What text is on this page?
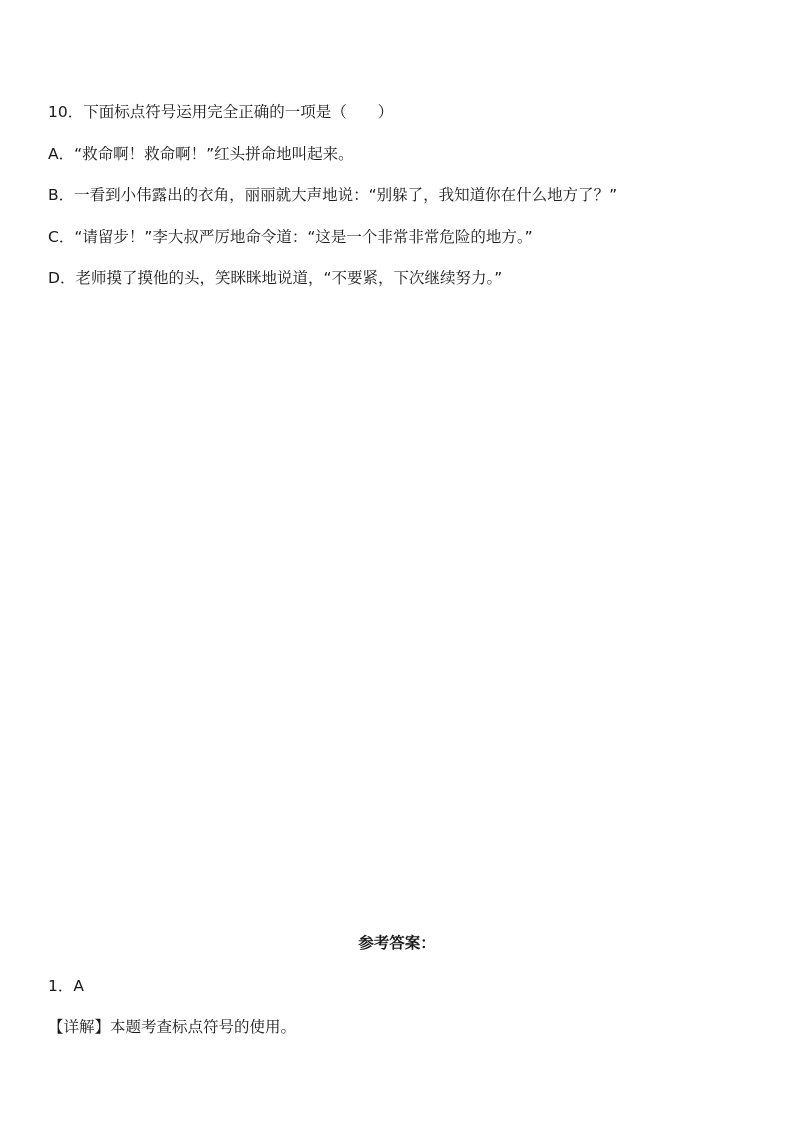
10．下面标点符号运用完全正确的一项是（　　）
A．“救命啊！救命啊！”红头拼命地叫起来。
B．一看到小伟露出的衣角，丽丽就大声地说：“别躲了，我知道你在什么地方了？”
C．“请留步！”李大叔严厉地命令道：“这是一个非常非常危险的地方。”
D．老师摸了摸他的头，笑眯眯地说道，“不要紧，下次继续努力。”
参考答案：
1．A
【详解】本题考查标点符号的使用。
